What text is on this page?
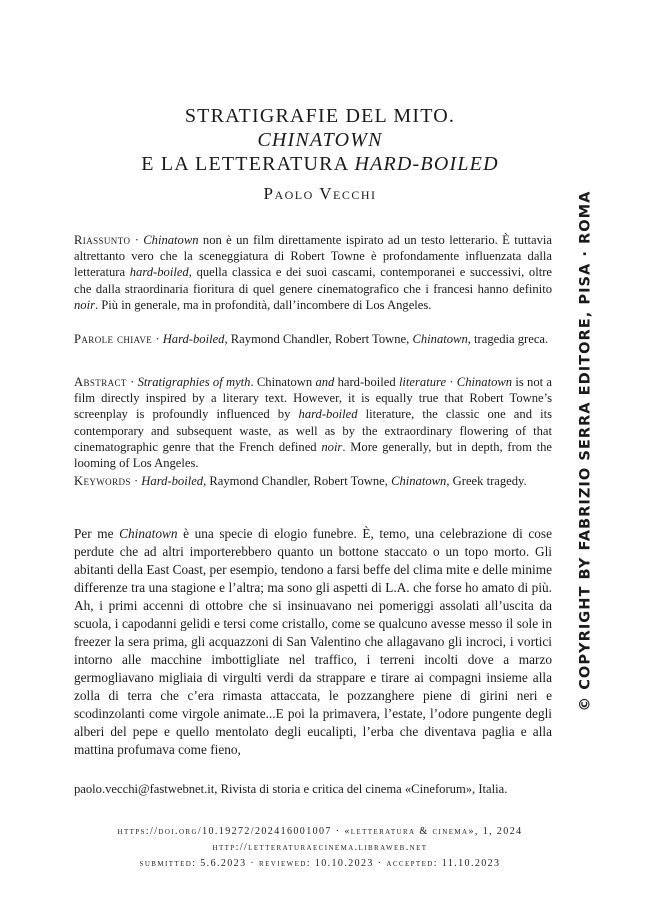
STRATIGRAFIE DEL MITO.
CHINATOWN
E LA LETTERATURA HARD-BOILED
Paolo Vecchi
Riassunto · Chinatown non è un film direttamente ispirato ad un testo letterario. È tuttavia altrettanto vero che la sceneggiatura di Robert Towne è profondamente influenzata dalla letteratura hard-boiled, quella classica e dei suoi cascami, contemporanei e successivi, oltre che dalla straordinaria fioritura di quel genere cinematografico che i francesi hanno definito noir. Più in generale, ma in profondità, dall’incombere di Los Angeles.
Parole chiave · Hard-boiled, Raymond Chandler, Robert Towne, Chinatown, tragedia greca.
Abstract · Stratigraphies of myth. Chinatown and hard-boiled literature · Chinatown is not a film directly inspired by a literary text. However, it is equally true that Robert Towne’s screenplay is profoundly influenced by hard-boiled literature, the classic one and its contemporary and subsequent waste, as well as by the extraordinary flowering of that cinematographic genre that the French defined noir. More generally, but in depth, from the looming of Los Angeles.
Keywords · Hard-boiled, Raymond Chandler, Robert Towne, Chinatown, Greek tragedy.
Per me Chinatown è una specie di elogio funebre. È, temo, una celebrazione di cose perdute che ad altri importerebbero quanto un bottone staccato o un topo morto. Gli abitanti della East Coast, per esempio, tendono a farsi beffe del clima mite e delle minime differenze tra una stagione e l’altra; ma sono gli aspetti di L.A. che forse ho amato di più. Ah, i primi accenni di ottobre che si insinuavano nei pomeriggi assolati all’uscita da scuola, i capodanni gelidi e tersi come cristallo, come se qualcuno avesse messo il sole in freezer la sera prima, gli acquazzoni di San Valentino che allagavano gli incroci, i vortici intorno alle macchine imbottigliate nel traffico, i terreni incolti dove a marzo germogliavano migliaia di virgulti verdi da strappare e tirare ai compagni insieme alla zolla di terra che c’era rimasta attaccata, le pozzanghere piene di girini neri e scodinzolanti come virgole animate...E poi la primavera, l’estate, l’odore pungente degli alberi del pepe e quello mentolato degli eucalipti, l’erba che diventava paglia e alla mattina profumava come fieno,
paolo.vecchi@fastwebnet.it, Rivista di storia e critica del cinema «Cineforum», Italia.
https://doi.org/10.19272/202416001007 · «letteratura & cinema», 1, 2024
http://letteraturaecinema.libraweb.net
submitted: 5.6.2023 · reviewed: 10.10.2023 · accepted: 11.10.2023
© COPYRIGHT BY FABRIZIO SERRA EDITORE, PISA · ROMA
